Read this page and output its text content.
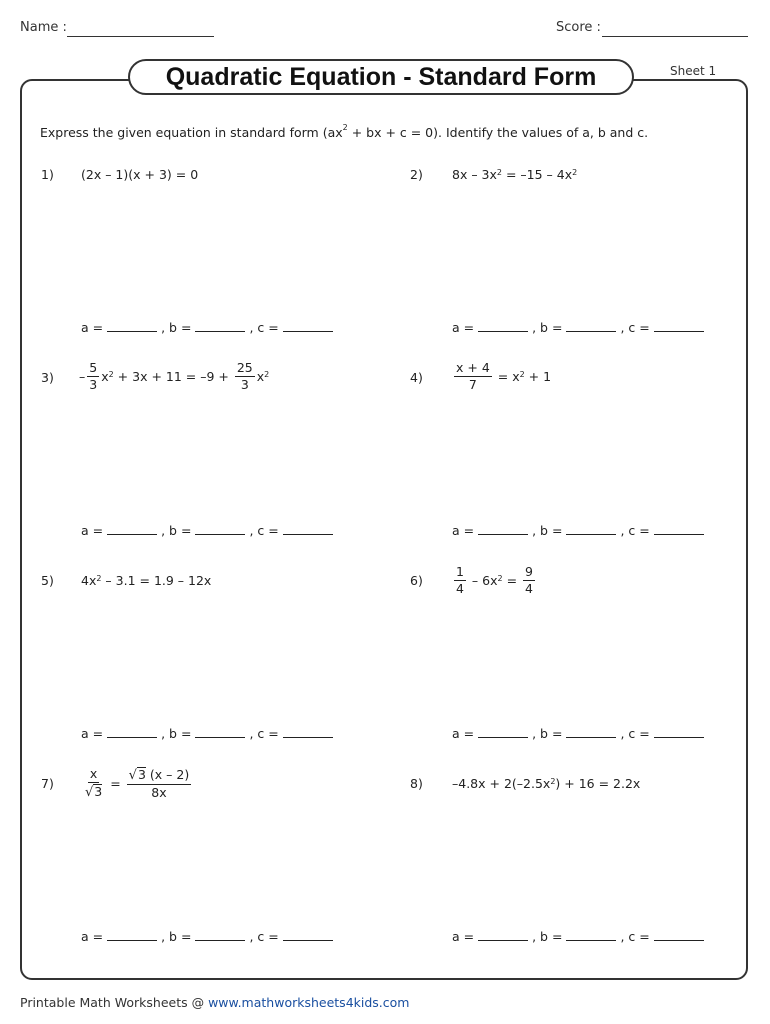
Name :	Score :
Quadratic Equation - Standard Form	Sheet 1
Express the given equation in standard form ($ax^2$ + bx + c = 0). Identify the values of a, b and c.
1) (2x – 1)(x + 3) = 0	2) $8x - 3x^2 = -15 - 4x^2$
a =	, b =	, c =	a =	, b =	, c =
$3) - \frac{5}{3} x^2 + 3x + 11 = -9 + \frac{25}{3} x^2$	$4) \frac{x + 4}{7} = x^2 + 1$
a =	, b =	, c =	a =	, b =	, c =
5) $4x^2 - 3.1 = 1.9 - 12x$	$6) \frac{1}{4} - 6x^2 = \frac{9}{4}$
a =	, b =	, c =	a =	, b =	, c =
$7) \frac{x}{√3} = \frac{√3 (x - 2)}{8x}$	8) $-4.8x + 2(-2.5x^2$ ) + 16 = 2.2x
a =	, b =	, c =	a =	, b =	, c =
Printable Math Worksheets @ www.mathworksheets4kids.com
